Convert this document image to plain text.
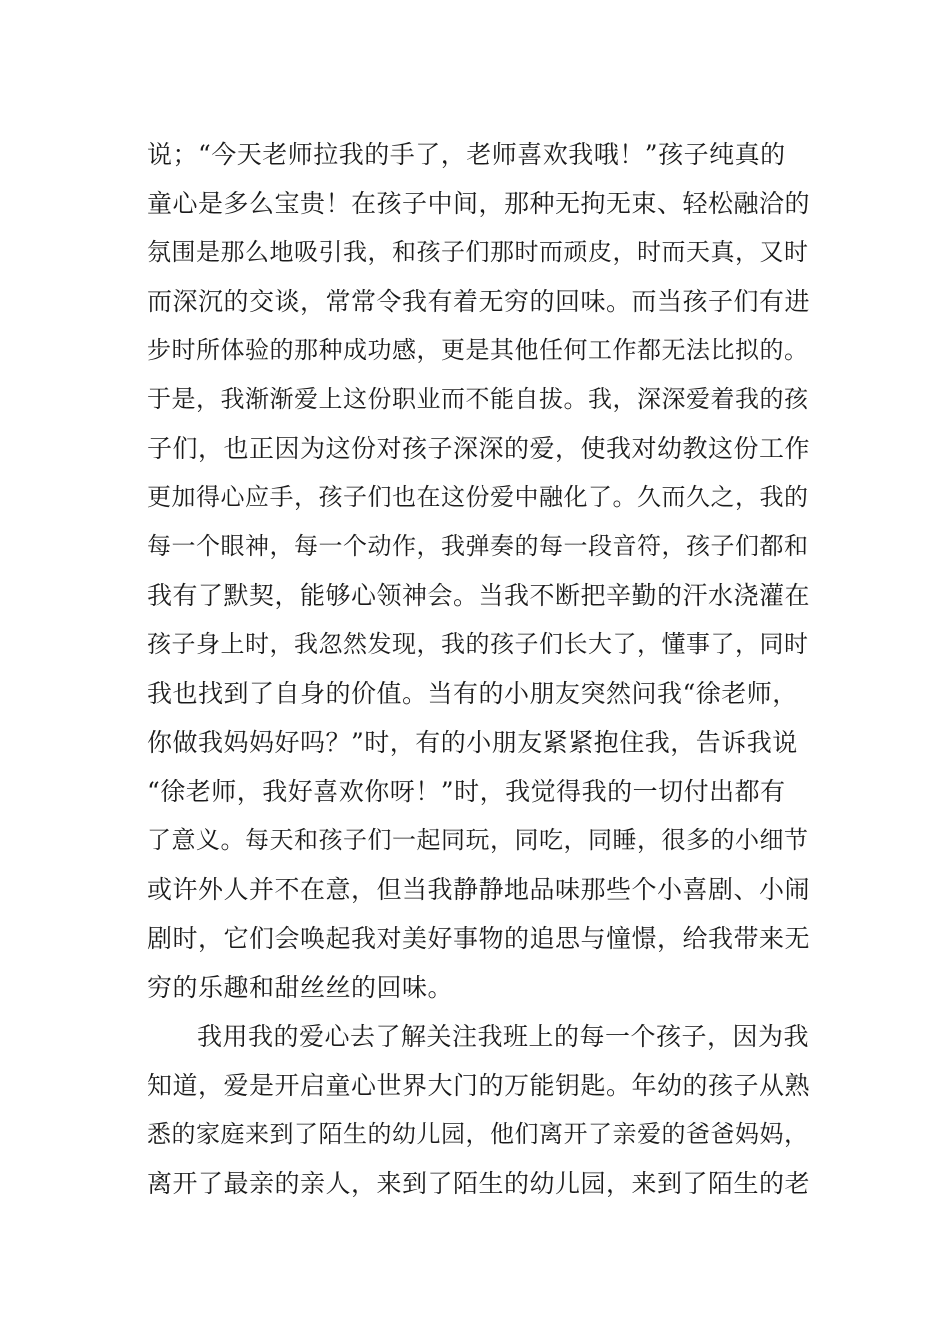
说；“今天老师拉我的手了，老师喜欢我哦！”孩子纯真的
童心是多么宝贵！在孩子中间，那种无拘无束、轻松融洽的
氛围是那么地吸引我，和孩子们那时而顽皮，时而天真，又时
而深沉的交谈，常常令我有着无穷的回味。而当孩子们有进
步时所体验的那种成功感，更是其他任何工作都无法比拟的。
于是，我渐渐爱上这份职业而不能自拔。我，深深爱着我的孩
子们，也正因为这份对孩子深深的爱，使我对幼教这份工作
更加得心应手，孩子们也在这份爱中融化了。久而久之，我的
每一个眼神，每一个动作，我弹奏的每一段音符，孩子们都和
我有了默契，能够心领神会。当我不断把辛勤的汗水浇灌在
孩子身上时，我忽然发现，我的孩子们长大了，懂事了，同时
我也找到了自身的价值。当有的小朋友突然问我“徐老师，
你做我妈妈好吗？”时，有的小朋友紧紧抱住我，告诉我说
“徐老师，我好喜欢你呀！”时，我觉得我的一切付出都有
了意义。每天和孩子们一起同玩，同吃，同睡，很多的小细节
或许外人并不在意，但当我静静地品味那些个小喜剧、小闹
剧时，它们会唤起我对美好事物的追思与憧憬，给我带来无
穷的乐趣和甜丝丝的回味。
我用我的爱心去了解关注我班上的每一个孩子，因为我
知道，爱是开启童心世界大门的万能钥匙。年幼的孩子从熟
悉的家庭来到了陌生的幼儿园，他们离开了亲爱的爸爸妈妈，
离开了最亲的亲人，来到了陌生的幼儿园，来到了陌生的老
